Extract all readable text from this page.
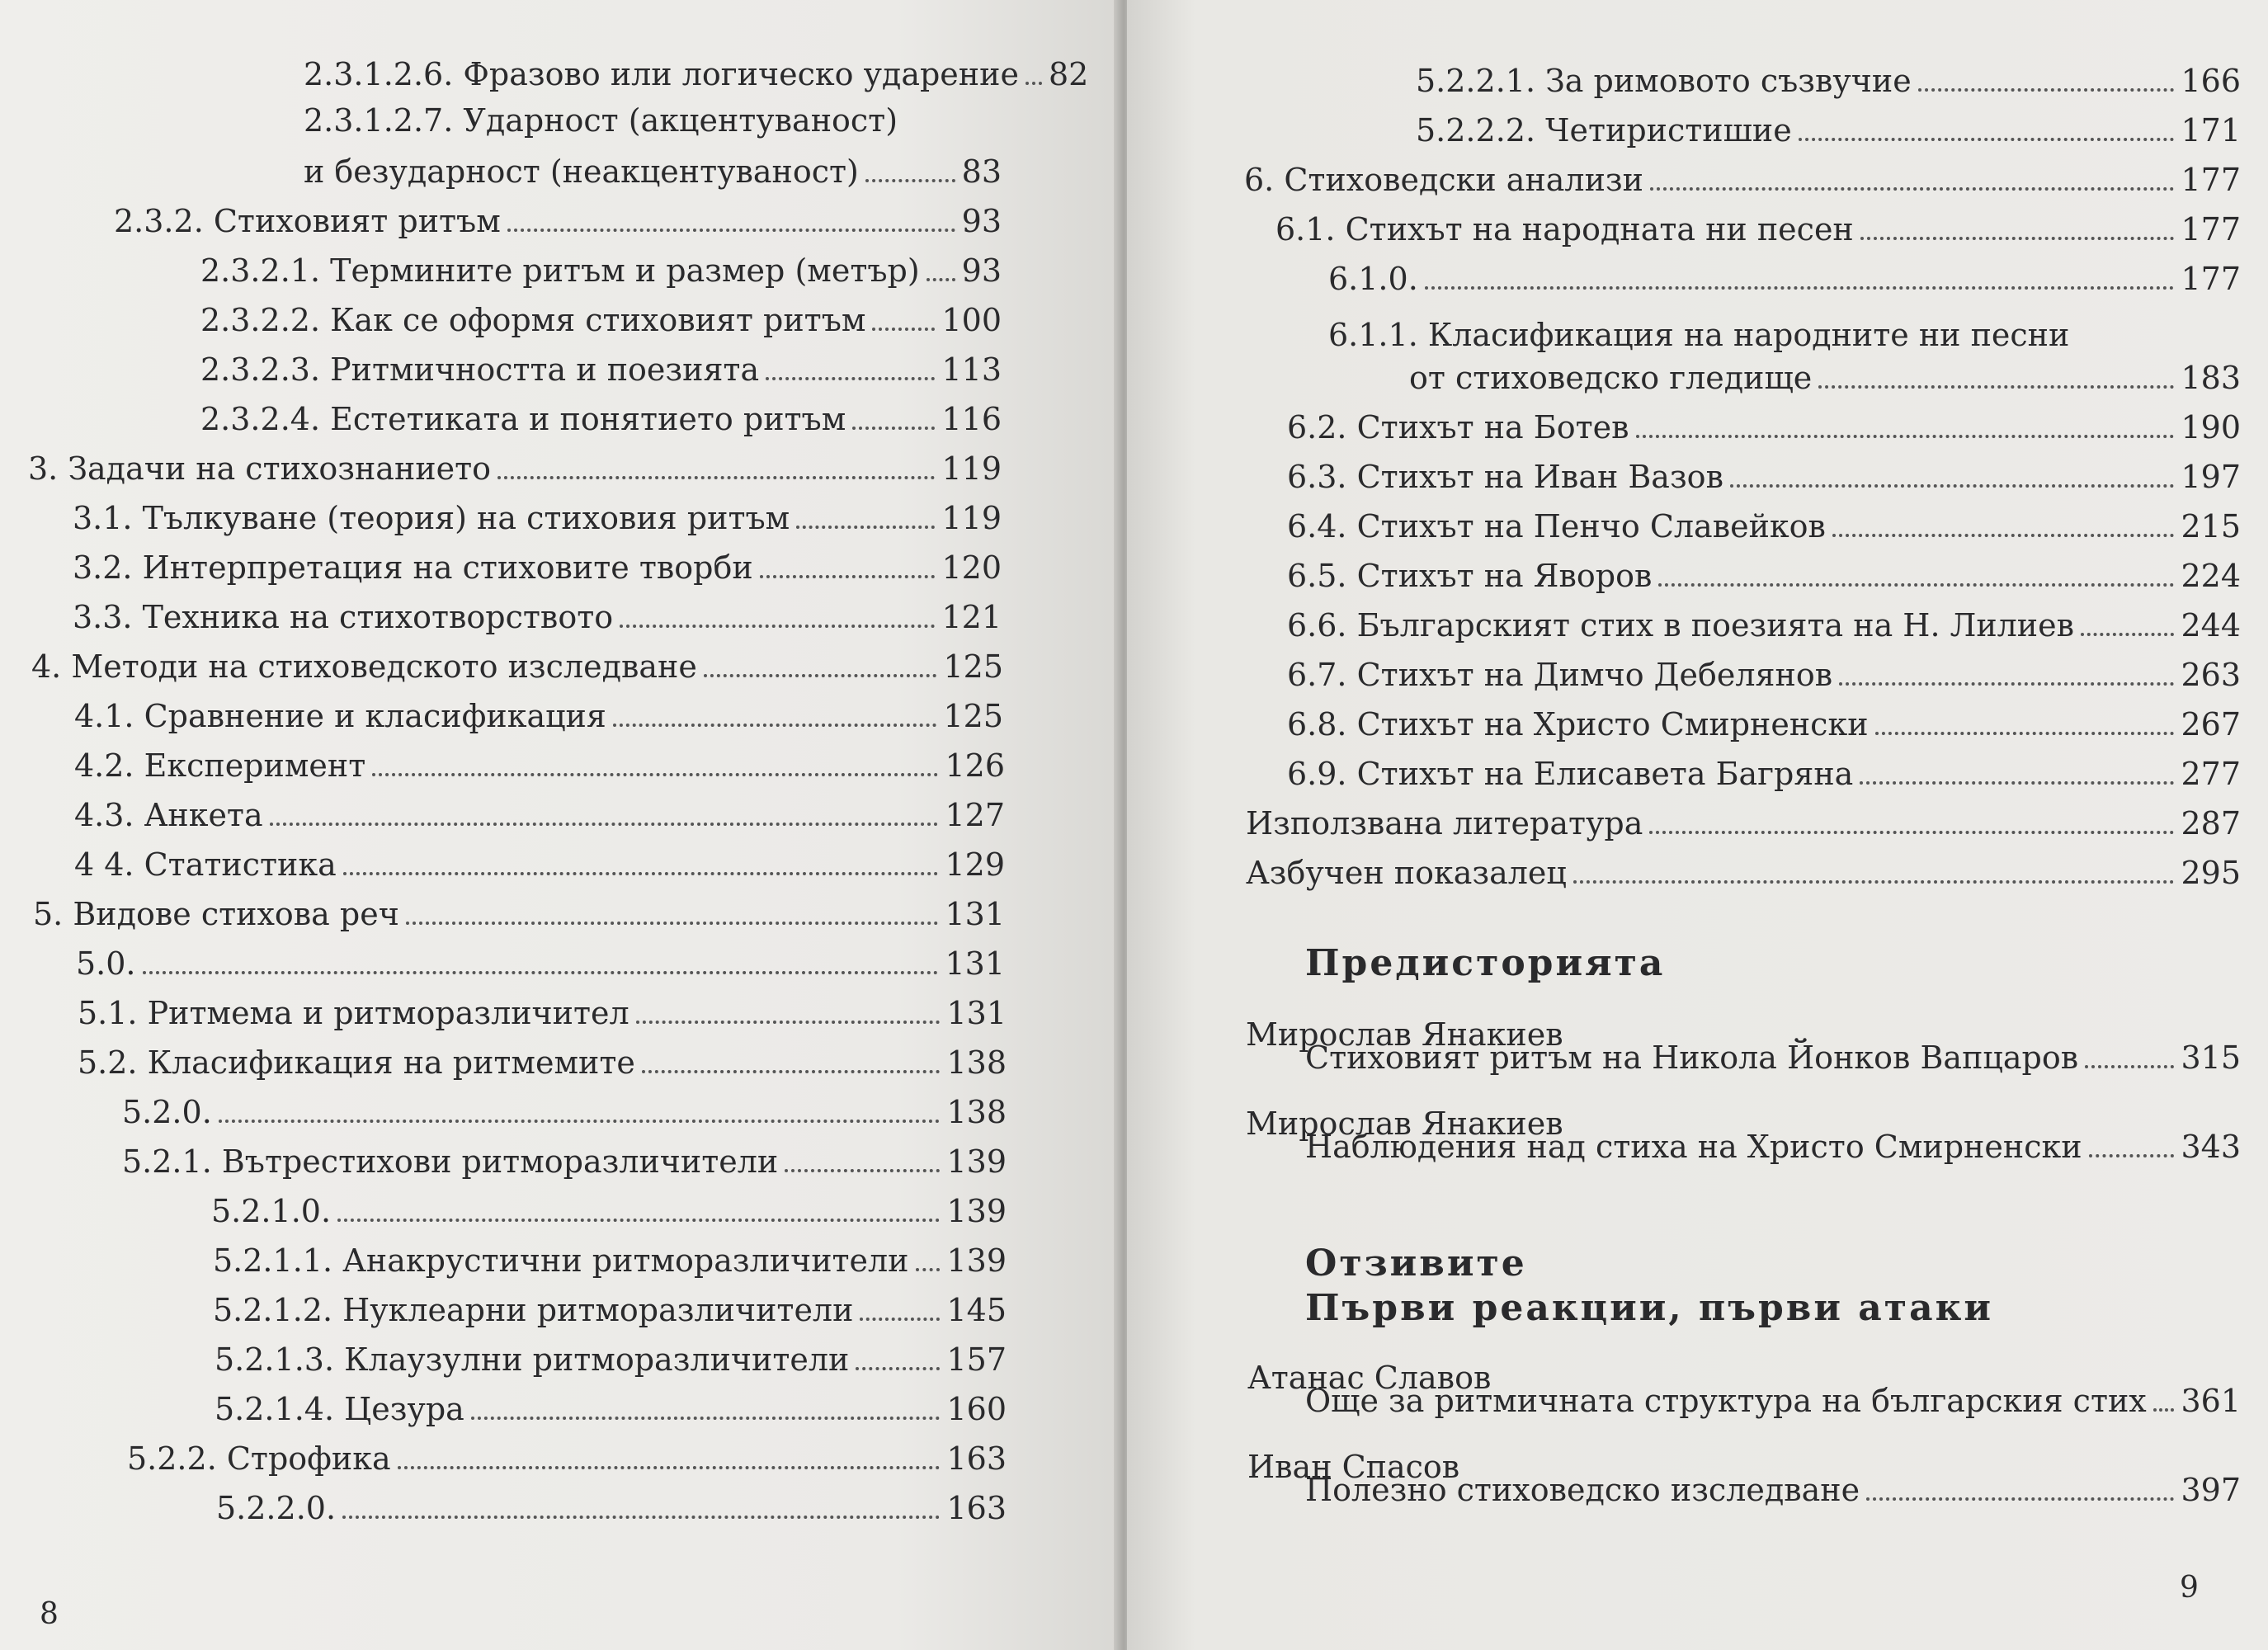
2.3.1.2.6. Фразово или логическо ударение 82
2.3.1.2.7. Ударност (акцентуваност)
и безударност (неакцентуваност)	83
2.3.2. Стиховият ритъм	93
2.3.2.1. Термините ритъм и размер (метър) 93
2.3.2.2. Как се оформя стиховият ритъм 100
2.3.2.3. Ритмичността и поезията	113
2.3.2.4. Естетиката и понятието ритъм	116
3. Задачи на стихознанието	119
3.1. Тълкуване (теория) на стиховия ритъм	119
3.2. Интерпретация на стиховите творби	120
3.3. Техника на стихотворството	121
4. Методи на стиховедското изследване	125
4.1. Сравнение и класификация	125
4.2. Експеримент	126
4.3. Анкета	127
4 4. Статистика	129
5. Видове стихова реч	131
5.0.	131
5.1. Ритмема и ритморазличител	131
5.2. Класификация на ритмемите	138
5.2.0.	138
5.2.1. Вътрестихови ритморазличители	139
5.2.1.0.	139
5.2.1.1. Анакрустични ритморазличители 139
5.2.1.2. Нуклеарни ритморазличители	145
5.2.1.3. Клаузулни ритморазличители	157
5.2.1.4. Цезура	160
5.2.2. Строфика	163
5.2.2.0.	163
8
5.2.2.1. За римовото съзвучие	166
5.2.2.2. Четиристишие	171
6. Стиховедски анализи	177
6.1. Стихът на народната ни песен	177
6.1.0.	177
6.1.1. Класификация на народните ни песни
от стиховедско гледище	183
6.2. Стихът на Ботев	190
6.3. Стихът на Иван Вазов	197
6.4. Стихът на Пенчо Славейков	215
6.5. Стихът на Яворов	224
6.6. Българският стих в поезията на Н. Лилиев	244
6.7. Стихът на Димчо Дебелянов	263
6.8. Стихът на Христо Смирненски	267
6.9. Стихът на Елисавета Багряна	277
Използвана литература	287
Азбучен показалец	295
Предисторията
Мирослав Янакиев
Стиховият ритъм на Никола Йонков Вапцаров	315
Мирослав Янакиев
Наблюдения над стиха на Христо Смирненски	343
Отзивите
Първи реакции, първи атаки
Атанас Славов
Още за ритмичната структура на българския стих 361
Иван Спасов
Полезно стиховедско изследване	397
9
